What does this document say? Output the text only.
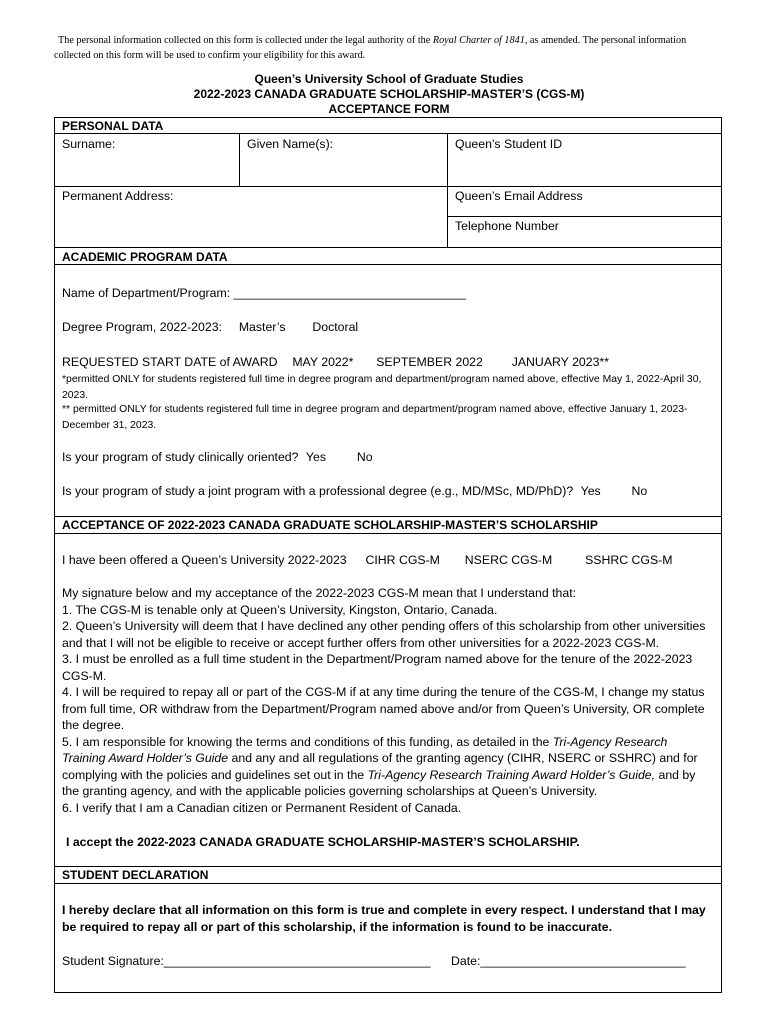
The personal information collected on this form is collected under the legal authority of the Royal Charter of 1841, as amended. The personal information collected on this form will be used to confirm your eligibility for this award.
Queen’s University School of Graduate Studies
2022-2023 CANADA GRADUATE SCHOLARSHIP-MASTER’S (CGS-M)
ACCEPTANCE FORM
PERSONAL DATA
Surname:	Given Name(s):	Queen’s Student ID
Permanent Address:	Queen’s Email Address
Telephone Number
ACADEMIC PROGRAM DATA
Name of Department/Program: __________________________________
Degree Program, 2022-2023: Master’s Doctoral
REQUESTED START DATE of AWARD MAY 2022* SEPTEMBER 2022 JANUARY 2023**
*permitted ONLY for students registered full time in degree program and department/program named above, effective May 1, 2022-April 30, 2023.
** permitted ONLY for students registered full time in degree program and department/program named above, effective January 1, 2023-December 31, 2023.
Is your program of study clinically oriented? Yes	No
Is your program of study a joint program with a professional degree (e.g., MD/MSc, MD/PhD)? Yes	No
ACCEPTANCE OF 2022-2023 CANADA GRADUATE SCHOLARSHIP-MASTER’S SCHOLARSHIP
I have been offered a Queen’s University 2022-2023 CIHR CGS-M NSERC CGS-M	SSHRC CGS-M
My signature below and my acceptance of the 2022-2023 CGS-M mean that I understand that:
1. The CGS-M is tenable only at Queen’s University, Kingston, Ontario, Canada.
2. Queen’s University will deem that I have declined any other pending offers of this scholarship from other universities and that I will not be eligible to receive or accept further offers from other universities for a 2022-2023 CGS-M.
3. I must be enrolled as a full time student in the Department/Program named above for the tenure of the 2022-2023 CGS-M.
4. I will be required to repay all or part of the CGS-M if at any time during the tenure of the CGS-M, I change my status from full time, OR withdraw from the Department/Program named above and/or from Queen’s University, OR complete the degree.
5. I am responsible for knowing the terms and conditions of this funding, as detailed in the Tri-Agency Research Training Award Holder’s Guide and any and all regulations of the granting agency (CIHR, NSERC or SSHRC) and for complying with the policies and guidelines set out in the Tri-Agency Research Training Award Holder’s Guide, and by the granting agency, and with the applicable policies governing scholarships at Queen’s University.
6. I verify that I am a Canadian citizen or Permanent Resident of Canada.
I accept the 2022-2023 CANADA GRADUATE SCHOLARSHIP-MASTER’S SCHOLARSHIP.
STUDENT DECLARATION
I hereby declare that all information on this form is true and complete in every respect. I understand that I may be required to repay all or part of this scholarship, if the information is found to be inaccurate.
Student Signature:_______________________________________ Date:______________________________
